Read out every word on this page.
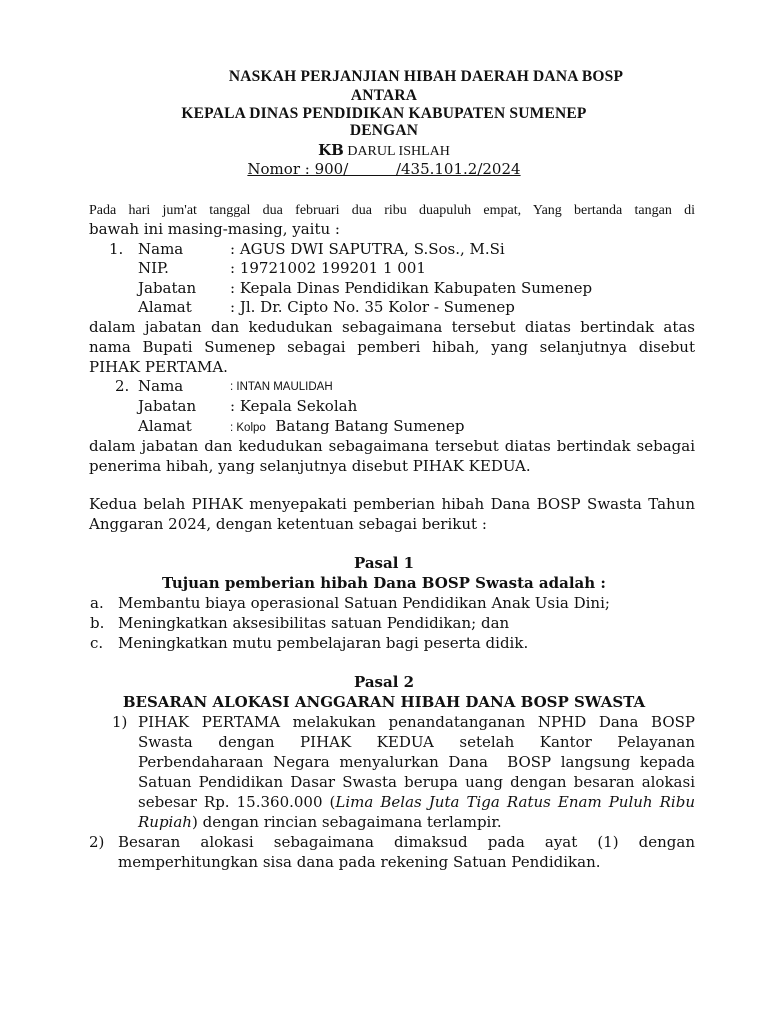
NASKAH PERJANJIAN HIBAH DAERAH DANA BOSP
ANTARA
KEPALA DINAS PENDIDIKAN KABUPATEN SUMENEP
DENGAN
KB DARUL ISHLAH
Nomor : 900/          /435.101.2/2024
Pada hari jum'at tanggal dua februari dua ribu duapuluh empat, Yang bertanda tangan di
bawah ini masing-masing, yaitu :
1. Nama	: AGUS DWI SAPUTRA, S.Sos., M.Si
NIP.	: 19721002 199201 1 001
Jabatan : Kepala Dinas Pendidikan Kabupaten Sumenep
Alamat	: Jl. Dr. Cipto No. 35 Kolor - Sumenep
dalam jabatan dan kedudukan sebagaimana tersebut diatas bertindak atas
nama Bupati Sumenep sebagai pemberi hibah, yang selanjutnya disebut
PIHAK PERTAMA.
2. Nama	: INTAN MAULIDAH
Jabatan : Kepala Sekolah
Alamat	: Kolpo  Batang Batang Sumenep
dalam jabatan dan kedudukan sebagaimana tersebut diatas bertindak sebagai
penerima hibah, yang selanjutnya disebut PIHAK KEDUA.
Kedua belah PIHAK menyepakati pemberian hibah Dana BOSP Swasta Tahun
Anggaran 2024, dengan ketentuan sebagai berikut :
Pasal 1
Tujuan pemberian hibah Dana BOSP Swasta adalah :
a. Membantu biaya operasional Satuan Pendidikan Anak Usia Dini;
b. Meningkatkan aksesibilitas satuan Pendidikan; dan
c. Meningkatkan mutu pembelajaran bagi peserta didik.
Pasal 2
BESARAN ALOKASI ANGGARAN HIBAH DANA BOSP SWASTA
1) PIHAK PERTAMA melakukan penandatanganan NPHD Dana BOSP
Swasta dengan PIHAK KEDUA setelah Kantor Pelayanan
Perbendaharaan Negara menyalurkan Dana  BOSP langsung kepada
Satuan Pendidikan Dasar Swasta berupa uang dengan besaran alokasi
sebesar Rp. 15.360.000 (Lima Belas Juta Tiga Ratus Enam Puluh Ribu
Rupiah) dengan rincian sebagaimana terlampir.
2) Besaran alokasi sebagaimana dimaksud pada ayat (1) dengan
memperhitungkan sisa dana pada rekening Satuan Pendidikan.
